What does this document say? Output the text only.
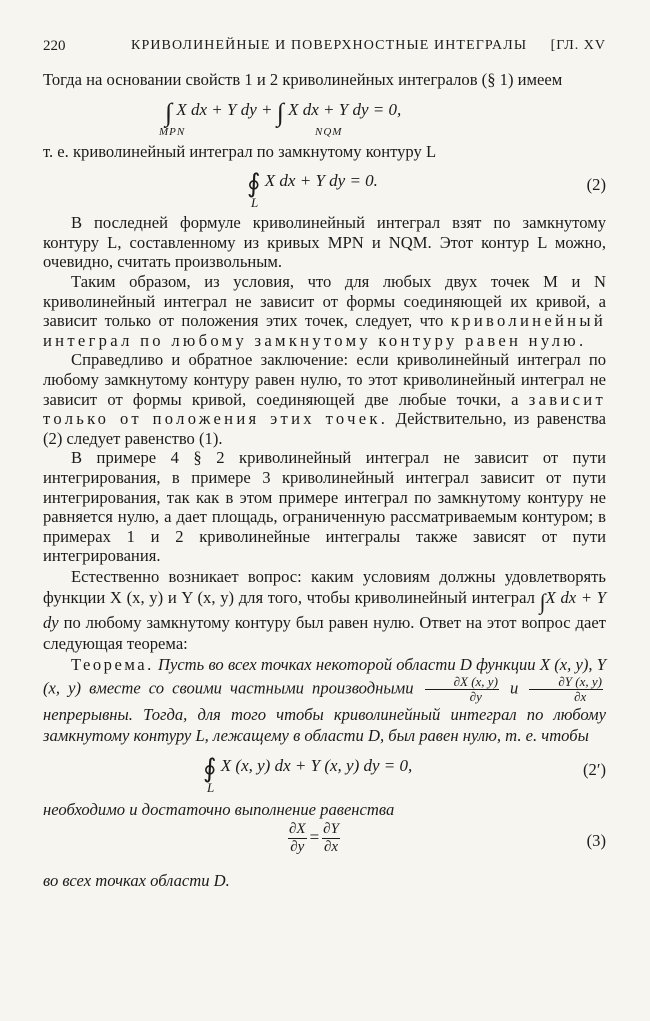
220	КРИВОЛИНЕЙНЫЕ И ПОВЕРХНОСТНЫЕ ИНТЕГРАЛЫ [ГЛ. XV

Тогда на основании свойств 1 и 2 криволинейных интегралов (§ 1) имеем

∫ X dx + Y dy + ∫ X dx + Y dy = 0,
MPN	NQM

т. е. криволинейный интеграл по замкнутому контуру L

∮ X dx + Y dy = 0.
L
(2)

В последней формуле криволинейный интеграл взят по замкнутому контуру L, составленному из кривых MPN и NQM. Этот контур L можно, очевидно, считать произвольным.

Таким образом, из условия, что для любых двух точек M и N криволинейный интеграл не зависит от формы соединяющей их кривой, а зависит только от положения этих точек, следует, что криволинейный интеграл по любому замкнутому контуру равен нулю.

Справедливо и обратное заключение: если криволинейный интеграл по любому замкнутому контуру равен нулю, то этот криволинейный интеграл не зависит от формы кривой, соединяющей две любые точки, а зависит только от положения этих точек. Действительно, из равенства (2) следует равенство (1).

В примере 4 § 2 криволинейный интеграл не зависит от пути интегрирования, в примере 3 криволинейный интеграл зависит от пути интегрирования, так как в этом примере интеграл по замкнутому контуру не равняется нулю, а дает площадь, ограниченную рассматриваемым контуром; в примерах 1 и 2 криволинейные интегралы также зависят от пути интегрирования.

Естественно возникает вопрос: каким условиям должны удовлетворять функции X (x, y) и Y (x, y) для того, чтобы криволинейный интеграл ∫X dx + Y dy по любому замкнутому контуру был равен нулю. Ответ на этот вопрос дает следующая теорема:

Теорема. Пусть во всех точках некоторой области D функции X (x, y), Y (x, y) вместе со своими частными производными $\frac{\partial X (x, y)}{\partial y}$ и $\frac{\partial Y (x, y)}{\partial x}$
непрерывны. Тогда, для того чтобы криволинейный интеграл по любому замкнутому контуру L, лежащему в области D, был равен нулю, т. е. чтобы

∮ X (x, y) dx + Y (x, y) dy = 0,
L
(2′)

необходимо и достаточно выполнение равенства

$\frac{\partial X}{\partial y} = \frac{\partial Y}{\partial x}$	(3)

во всех точках области D.
